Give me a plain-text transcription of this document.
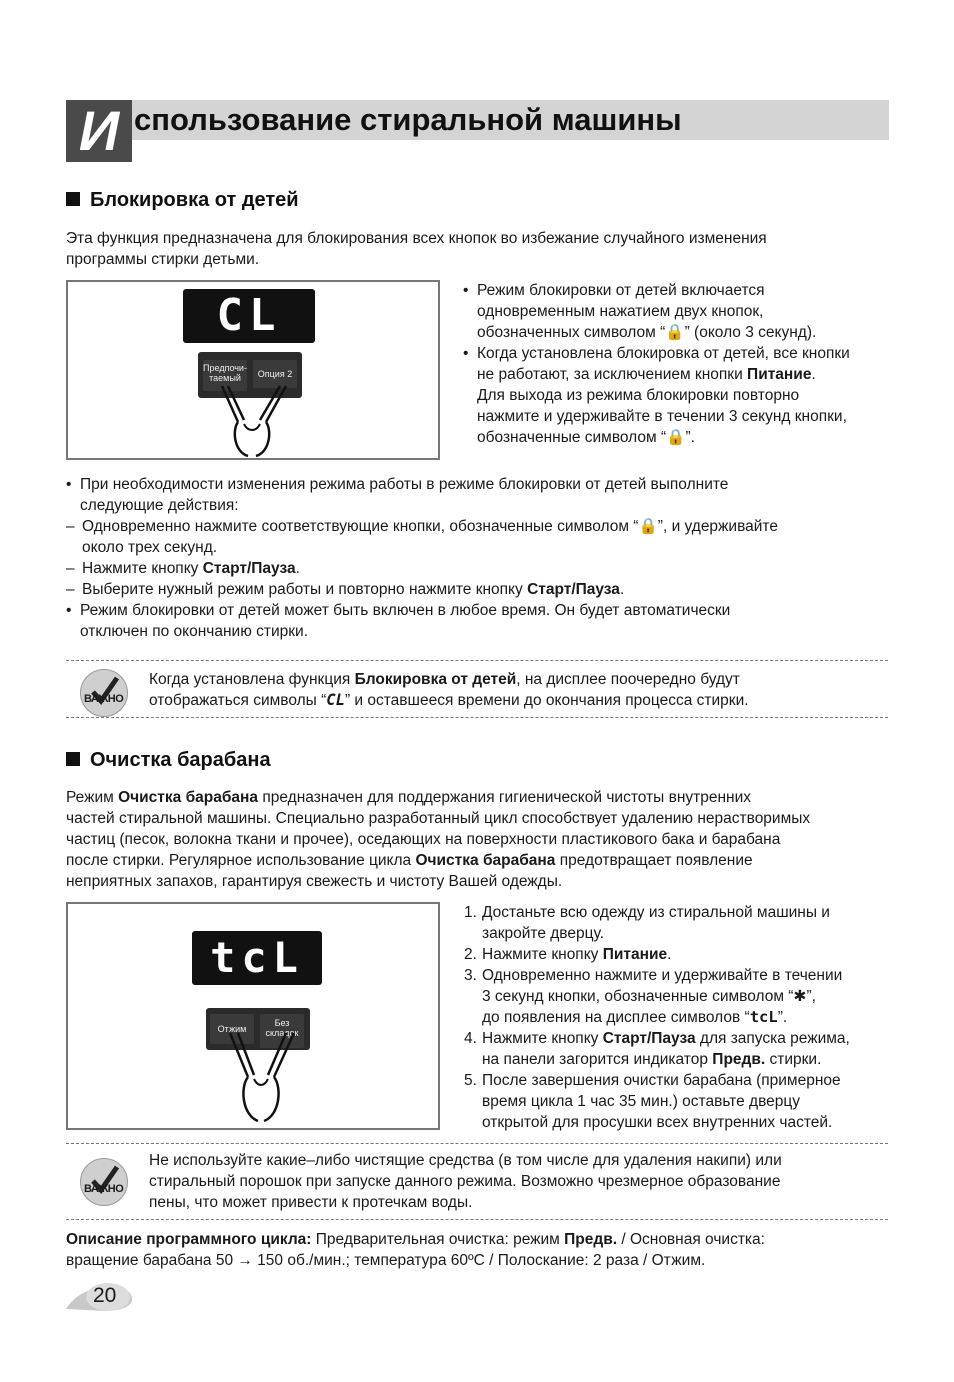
И спользование стиральной машины
Блокировка от детей
Эта функция предназначена для блокирования всех кнопок во избежание случайного изменения
программы стирки детьми.
CL
Предпочи-
таемый	Опция 2
• Режим блокировки от детей включается
одновременным нажатием двух кнопок,
обозначенных символом “🔒” (около 3 секунд).
• Когда установлена блокировка от детей, все кнопки
не работают, за исключением кнопки Питание.
Для выхода из режима блокировки повторно
нажмите и удерживайте в течении 3 секунд кнопки,
обозначенные символом “🔒”.
• При необходимости изменения режима работы в режиме блокировки от детей выполните
следующие действия:
– Одновременно нажмите соответствующие кнопки, обозначенные символом “🔒”, и удерживайте
около трех секунд.
– Нажмите кнопку Старт/Пауза.
– Выберите нужный режим работы и повторно нажмите кнопку Старт/Пауза.
• Режим блокировки от детей может быть включен в любое время. Он будет автоматически
отключен по окончанию стирки.
ВАЖНО
Когда установлена функция Блокировка от детей, на дисплее поочередно будут
отображаться символы “CL” и оставшееся времени до окончания процесса стирки.
Очистка барабана
Режим Очистка барабана предназначен для поддержания гигиенической чистоты внутренних
частей стиральной машины. Специально разработанный цикл способствует удалению нерастворимых
частиц (песок, волокна ткани и прочее), оседающих на поверхности пластикового бака и барабана
после стирки. Регулярное использование цикла Очистка барабана предотвращает появление
неприятных запахов, гарантируя свежесть и чистоту Вашей одежды.
tcL
Отжим
Без
складок
1. Достаньте всю одежду из стиральной машины и
закройте дверцу.
2. Нажмите кнопку Питание.
3. Одновременно нажмите и удерживайте в течении
3 секунд кнопки, обозначенные символом “✱”,
до появления на дисплее символов “tcL”.
4. Нажмите кнопку Старт/Пауза для запуска режима,
на панели загорится индикатор Предв. стирки.
5. После завершения очистки барабана (примерное
время цикла 1 час 35 мин.) оставьте дверцу
открытой для просушки всех внутренних частей.
ВАЖНО
Не используйте какие–либо чистящие средства (в том числе для удаления накипи) или
стиральный порошок при запуске данного режима. Возможно чрезмерное образование
пены, что может привести к протечкам воды.
Описание программного цикла: Предварительная очистка: режим Предв. / Основная очистка:
вращение барабана 50 → 150 об./мин.; температура 60ºC / Полоскание: 2 раза / Отжим.
20
